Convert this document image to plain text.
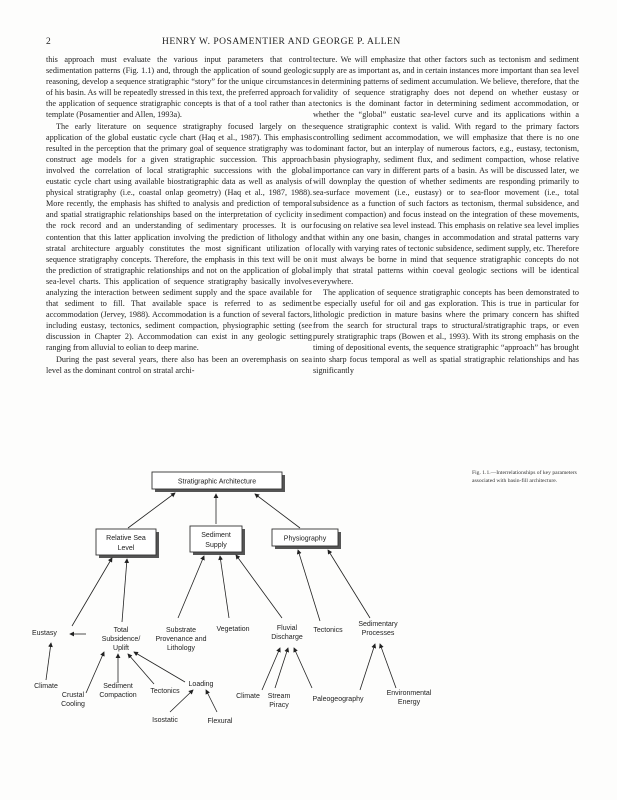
2	HENRY W. POSAMENTIER AND GEORGE P. ALLEN

this approach must evaluate the various input parameters that control sedimentation patterns (Fig. 1.1) and, through the application of sound geologic reasoning, develop a sequence stratigraphic “story” for the unique circumstances of his basin. As will be repeatedly stressed in this text, the preferred approach for the application of sequence stratigraphic concepts is that of a tool rather than a template (Posamentier and Allen, 1993a).

The early literature on sequence stratigraphy focused largely on the application of the global eustatic cycle chart (Haq et al., 1987). This emphasis resulted in the perception that the primary goal of sequence stratigraphy was to construct age models for a given stratigraphic succession. This approach involved the correlation of local stratigraphic successions with the global eustatic cycle chart using available biostratigraphic data as well as analysis of physical stratigraphy (i.e., coastal onlap geometry) (Haq et al., 1987, 1988). More recently, the emphasis has shifted to analysis and prediction of temporal and spatial stratigraphic relationships based on the interpretation of cyclicity in the rock record and an understanding of sedimentary processes. It is our contention that this latter application involving the prediction of lithology and stratal architecture arguably constitutes the most significant utilization of sequence stratigraphy concepts. Therefore, the emphasis in this text will be on the prediction of stratigraphic relationships and not on the application of global sea-level charts. This application of sequence stratigraphy basically involves analyzing the interaction between sediment supply and the space available for that sediment to fill. That available space is referred to as sediment accommodation (Jervey, 1988). Accommodation is a function of several factors, including eustasy, tectonics, sediment compaction, physiographic setting (see discussion in Chapter 2). Accommodation can exist in any geologic setting ranging from alluvial to eolian to deep marine.

During the past several years, there also has been an overemphasis on sea level as the dominant control on stratal archi-

tecture. We will emphasize that other factors such as tectonism and sediment supply are as important as, and in certain instances more important than sea level in determining patterns of sediment accumulation. We believe, therefore, that the validity of sequence stratigraphy does not depend on whether eustasy or tectonics is the dominant factor in determining sediment accommodation, or whether the “global” eustatic sea-level curve and its applications within a sequence stratigraphic context is valid. With regard to the primary factors controlling sediment accommodation, we will emphasize that there is no one dominant factor, but an interplay of numerous factors, e.g., eustasy, tectonism, basin physiography, sediment flux, and sediment compaction, whose relative importance can vary in different parts of a basin. As will be discussed later, we will downplay the question of whether sediments are responding primarily to sea-surface movement (i.e., eustasy) or to sea-floor movement (i.e., total subsidence as a function of such factors as tectonism, thermal subsidence, and sediment compaction) and focus instead on the integration of these movements, focusing on relative sea level instead. This emphasis on relative sea level implies that within any one basin, changes in accommodation and stratal patterns vary locally with varying rates of tectonic subsidence, sediment supply, etc. Therefore it must always be borne in mind that sequence stratigraphic concepts do not imply that stratal patterns within coeval geologic sections will be identical everywhere.

The application of sequence stratigraphic concepts has been demonstrated to be especially useful for oil and gas exploration. This is true in particular for lithologic prediction in mature basins where the primary concern has shifted from the search for structural traps to structural/stratigraphic traps, or even purely stratigraphic traps (Bowen et al., 1993). With its strong emphasis on the timing of depositional events, the sequence stratigraphic “approach” has brought into sharp focus temporal as well as spatial stratigraphic relationships and has significantly

Fig. 1.1.—Interrelationships of key parameters associated with basin-fill architecture.
Stratigraphic Architecture
Relative Sea
Level
Sediment
Supply
Physiography
Eustasy	Total
Subsidence/
Uplift
Substrate
Provenance and
Lithology
Vegetation	Fluvial
Discharge
Tectonics
Sedimentary
Processes
Climate	Sediment
Compaction
Crustal
Cooling
Tectonics
Loading
Isostatic	Flexural
Climate Stream
Piracy
Paleogeography
Environmental
Energy
